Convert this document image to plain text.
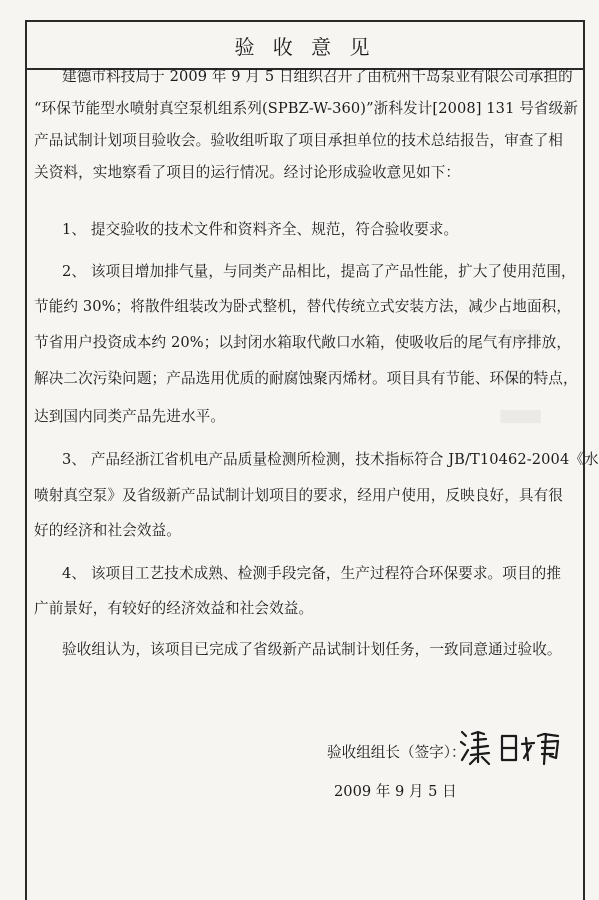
验 收 意 见
▌▌▌
建德市科技局于 2009 年 9 月 5 日组织召开了由杭州千岛泵业有限公司承担的
“环保节能型水喷射真空泵机组系列(SPBZ-W-360)”浙科发计[2008] 131 号省级新
产品试制计划项目验收会。验收组听取了项目承担单位的技术总结报告，审查了相
关资料，实地察看了项目的运行情况。经讨论形成验收意见如下：
1、 提交验收的技术文件和资料齐全、规范，符合验收要求。
2、 该项目增加排气量，与同类产品相比，提高了产品性能，扩大了使用范围，
节能约 30%；将散件组装改为卧式整机，替代传统立式安装方法，减少占地面积，
节省用户投资成本约 20%；以封闭水箱取代敞口水箱，使吸收后的尾气有序排放，
解决二次污染问题；产品选用优质的耐腐蚀聚丙烯材。项目具有节能、环保的特点，
达到国内同类产品先进水平。
3、 产品经浙江省机电产品质量检测所检测，技术指标符合 JB/T10462-2004《水
喷射真空泵》及省级新产品试制计划项目的要求，经用户使用，反映良好，具有很
好的经济和社会效益。
4、 该项目工艺技术成熟、检测手段完备，生产过程符合环保要求。项目的推
广前景好，有较好的经济效益和社会效益。
验收组认为，该项目已完成了省级新产品试制计划任务，一致同意通过验收。
验收组组长（签字）：
2009 年 9 月 5 日
